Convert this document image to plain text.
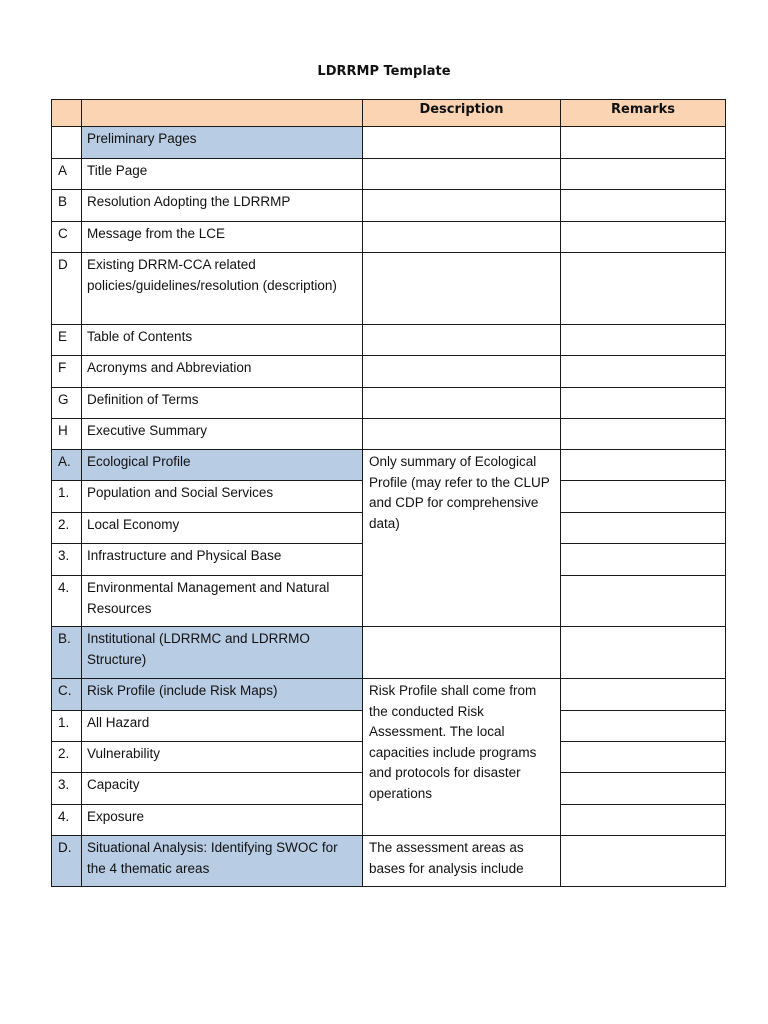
LDRRMP Template
		Description	Remarks
	Preliminary Pages		
A	Title Page		
B	Resolution Adopting the LDRRMP		
C	Message from the LCE		
D	Existing DRRM-CCA related policies/guidelines/resolution (description)		
E	Table of Contents		
F	Acronyms and Abbreviation		
G	Definition of Terms		
H	Executive Summary		
A.	Ecological Profile	Only summary of Ecological Profile (may refer to the CLUP and CDP for comprehensive data)	
1.	Population and Social Services		
2.	Local Economy		
3.	Infrastructure and Physical Base		
4.	Environmental Management and Natural Resources		
B.	Institutional (LDRRMC and LDRRMO Structure)		
C.	Risk Profile (include Risk Maps)	Risk Profile shall come from the conducted Risk Assessment. The local capacities include programs and protocols for disaster operations	
1.	All Hazard		
2.	Vulnerability		
3.	Capacity		
4.	Exposure		
D.	Situational Analysis: Identifying SWOC for the 4 thematic areas	The assessment areas as bases for analysis include	
